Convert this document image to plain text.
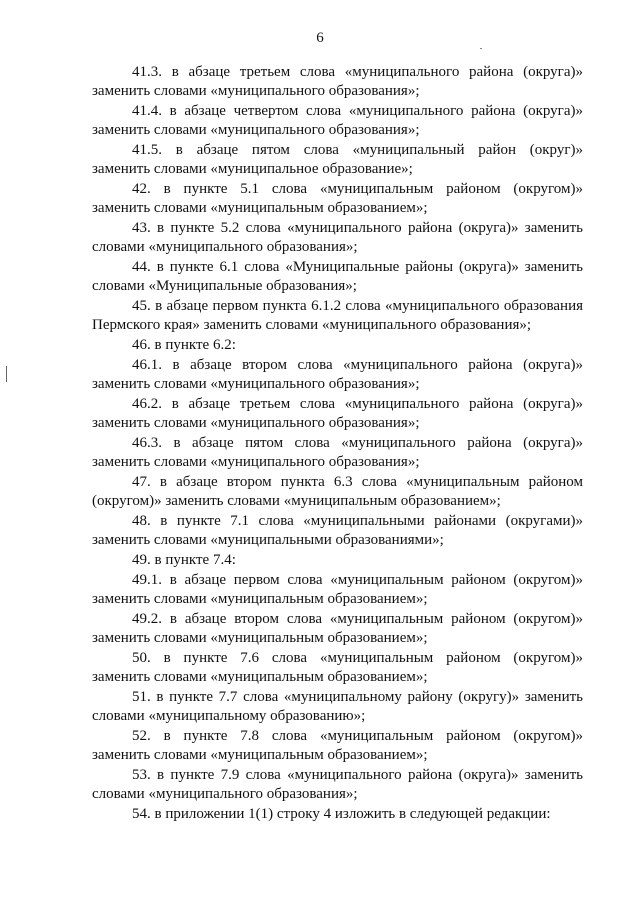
6
41.3. в абзаце третьем слова «муниципального района (округа)»
заменить словами «муниципального образования»;
41.4. в абзаце четвертом слова «муниципального района (округа)»
заменить словами «муниципального образования»;
41.5. в абзаце пятом слова «муниципальный район (округ)»
заменить словами «муниципальное образование»;
42. в пункте 5.1 слова «муниципальным районом (округом)»
заменить словами «муниципальным образованием»;
43. в пункте 5.2 слова «муниципального района (округа)» заменить
словами «муниципального образования»;
44. в пункте 6.1 слова «Муниципальные районы (округа)» заменить
словами «Муниципальные образования»;
45. в абзаце первом пункта 6.1.2 слова «муниципального образования
Пермского края» заменить словами «муниципального образования»;
46. в пункте 6.2:
46.1. в абзаце втором слова «муниципального района (округа)»
заменить словами «муниципального образования»;
46.2. в абзаце третьем слова «муниципального района (округа)»
заменить словами «муниципального образования»;
46.3. в абзаце пятом слова «муниципального района (округа)»
заменить словами «муниципального образования»;
47. в абзаце втором пункта 6.3 слова «муниципальным районом
(округом)» заменить словами «муниципальным образованием»;
48. в пункте 7.1 слова «муниципальными районами (округами)»
заменить словами «муниципальными образованиями»;
49. в пункте 7.4:
49.1. в абзаце первом слова «муниципальным районом (округом)»
заменить словами «муниципальным образованием»;
49.2. в абзаце втором слова «муниципальным районом (округом)»
заменить словами «муниципальным образованием»;
50. в пункте 7.6 слова «муниципальным районом (округом)»
заменить словами «муниципальным образованием»;
51. в пункте 7.7 слова «муниципальному району (округу)» заменить
словами «муниципальному образованию»;
52. в пункте 7.8 слова «муниципальным районом (округом)»
заменить словами «муниципальным образованием»;
53. в пункте 7.9 слова «муниципального района (округа)» заменить
словами «муниципального образования»;
54. в приложении 1(1) строку 4 изложить в следующей редакции:
